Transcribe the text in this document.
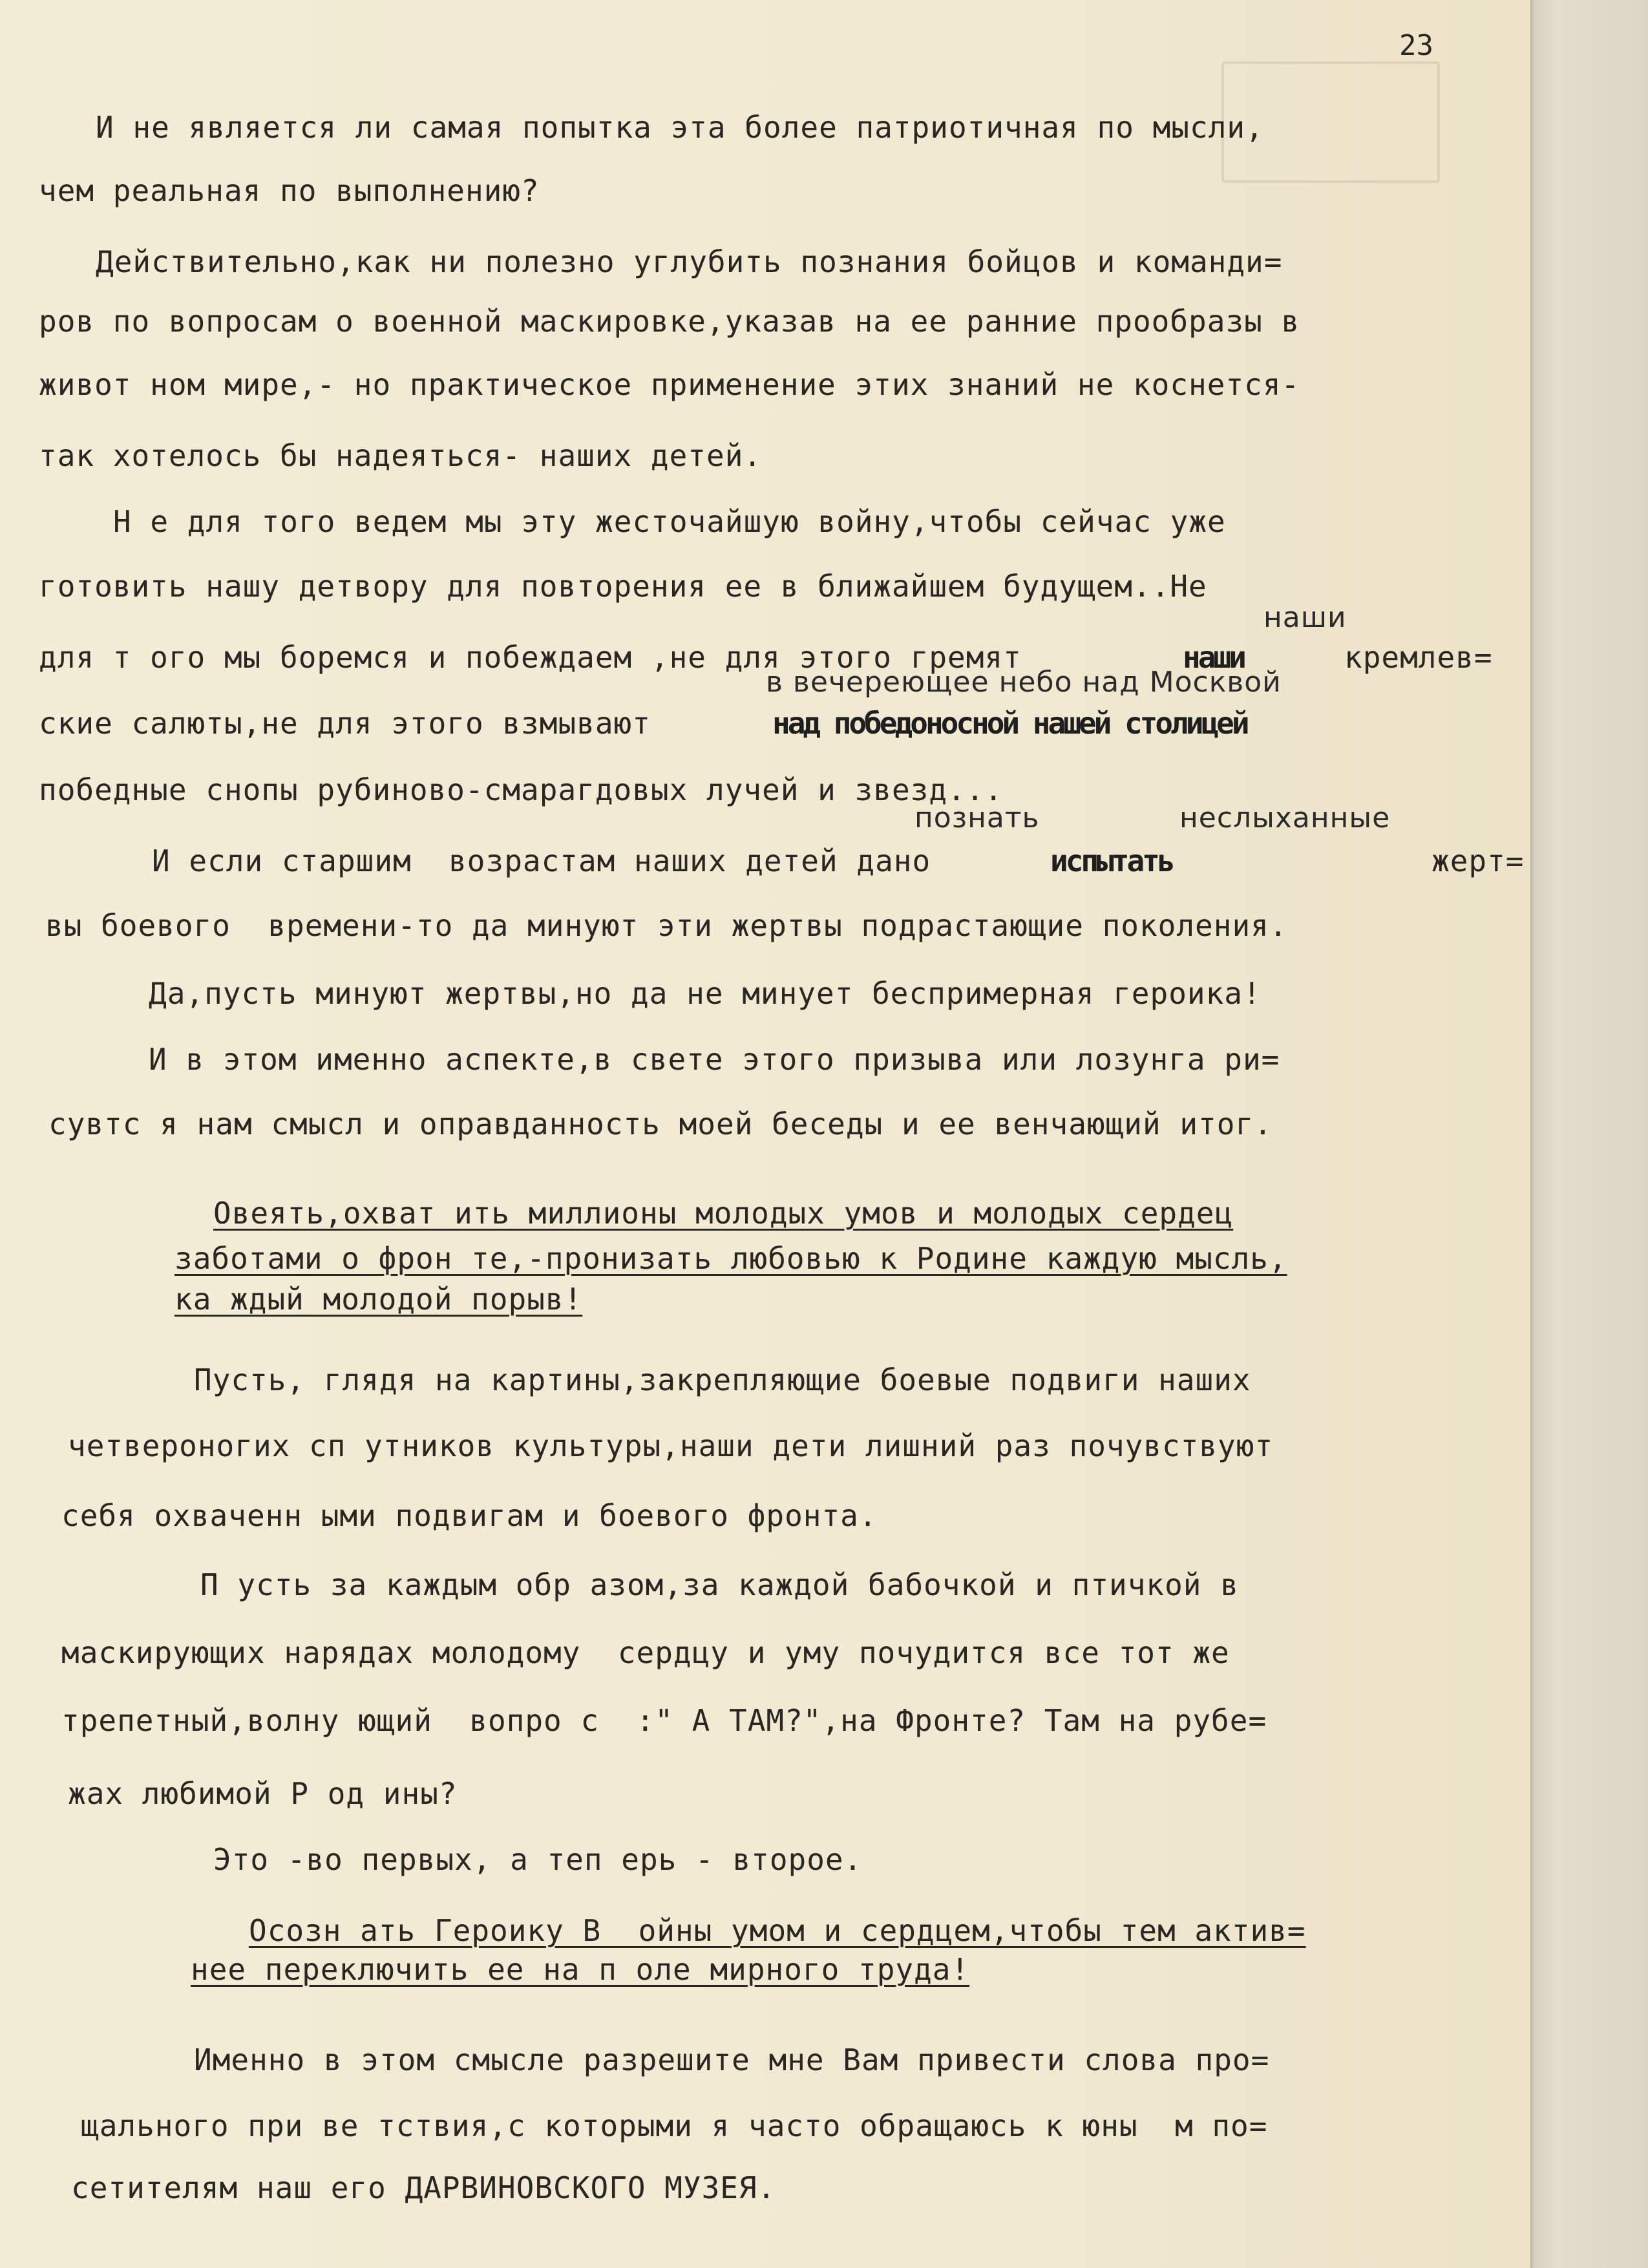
23
И не является ли самая попытка эта более патриотичная по мысли,
чем реальная по выполнению?
Действительно,как ни полезно углубить познания бойцов и команди=
ров по вопросам о военной маскировке,указав на ее ранние прообразы в
живот ном мире,- но практическое применение этих знаний не коснется-
так хотелось бы надеяться- наших детей.
Н е для того ведем мы эту жесточайшую войну,чтобы сейчас уже
готовить нашу детвору для повторения ее в ближайшем будущем..Не
наши
для т ого мы боремся и побеждаем ,не для этого гремят	наши	кремлев=
в вечереющее небо над Москвой
ские салюты,не для этого взмывают	над победоносной нашей столицей
победные снопы рубиново-смарагдовых лучей и звезд...
познать	неслыханные
И если старшим  возрастам наших детей дано	испытать	жерт=
вы боевого  времени-то да минуют эти жертвы подрастающие поколения.
Да,пусть минуют жертвы,но да не минует беспримерная героика!
И в этом именно аспекте,в свете этого призыва или лозунга ри=
сувтс я нам смысл и оправданность моей беседы и ее венчающий итог.
Овеять,охват ить миллионы молодых умов и молодых сердец
заботами о фрон те,-пронизать любовью к Родине каждую мысль,
ка ждый молодой порыв!
Пусть, глядя на картины,закрепляющие боевые подвиги наших
четвероногих сп утников культуры,наши дети лишний раз почувствуют
себя охваченн ыми подвигам и боевого фронта.
П усть за каждым обр азом,за каждой бабочкой и птичкой в
маскирующих нарядах молодому  сердцу и уму почудится все тот же
трепетный,волну ющий  вопро с  :" А ТАМ?",на Фронте? Там на рубе=
жах любимой Р од ины?
Это -во первых, а теп ерь - второе.
Осозн ать Героику В  ойны умом и сердцем,чтобы тем актив=
нее переключить ее на п оле мирного труда!
Именно в этом смысле разрешите мне Вам привести слова про=
щального при ве тствия,с которыми я часто обращаюсь к юны  м по=
сетителям наш его ДАРВИНОВСКОГО МУЗЕЯ.
